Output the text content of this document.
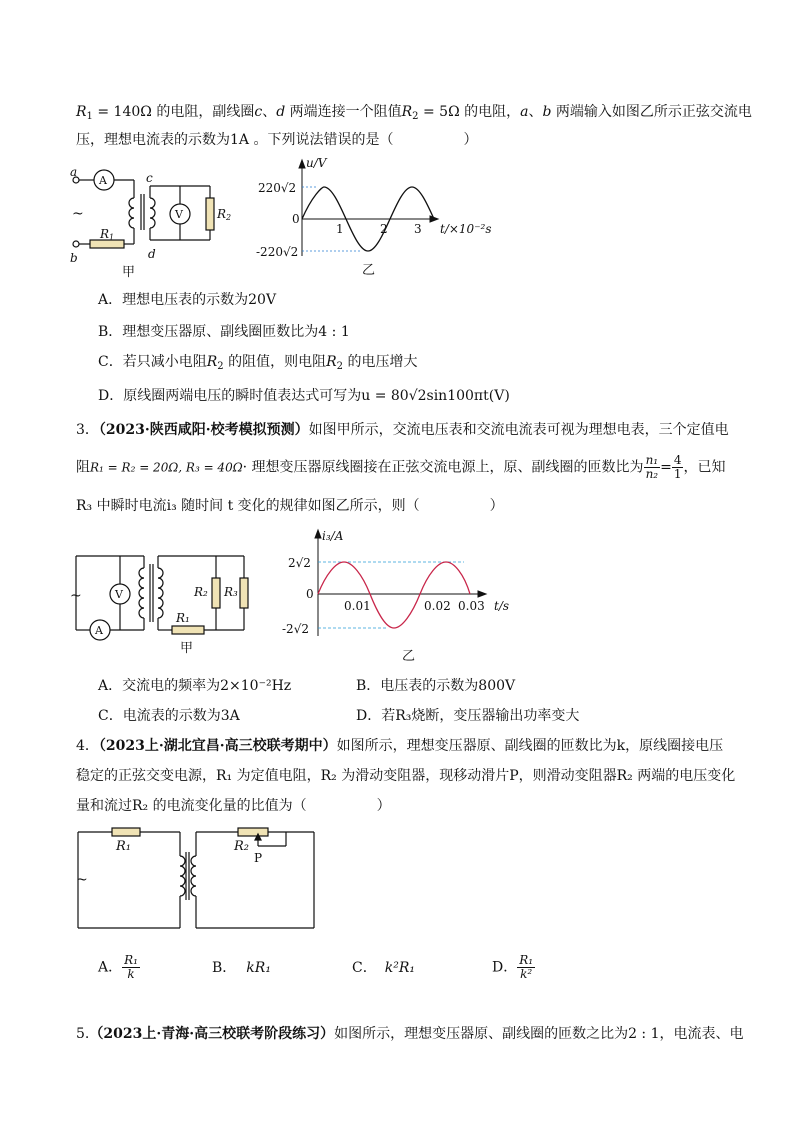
$R_1 = 140\Omega$ 的电阻，副线圈c、d 两端连接一个阻值$R_2 = 5\Omega$ 的电阻，a、b 两端输入如图乙所示正弦交流电
压，理想电流表的示数为1A 。下列说法错误的是（　　　　　）
a
b
~
A
V
c
d
R1
R2
甲
u/V
220√2
-220√2
0
1	2 3 t/×10⁻²s
乙
A．理想电压表的示数为20V
B．理想变压器原、副线圈匝数比为4 : 1
C．若只减小电阻$R_2$ 的阻值，则电阻$R_2$ 的电压增大
D．原线圈两端电压的瞬时值表达式可写为u = 80√2sin100πt(V)
3．（2023·陕西咸阳·校考模拟预测）如图甲所示，交流电压表和交流电流表可视为理想电表，三个定值电
阻R₁ = R₂ = 20Ω, R₃ = 40Ω· 理想变压器原线圈接在正弦交流电源上，原、副线圈的匝数比为 $\frac{\text{n₁}}{\text{n₂}} = \frac{4}{1}$ ，已知
R₃ 中瞬时电流i₃ 随时间 t 变化的规律如图乙所示，则（　　　　　）
~	V
A
R₁
R₂ R₃
甲
i₃/A
2√2
-2√2
0
0.01	0.02 0.03 t/s
乙
A．交流电的频率为2×10⁻²Hz	B．电压表的示数为800V
C．电流表的示数为3A	D．若R₃烧断，变压器输出功率变大
4．（2023上·湖北宜昌·高三校联考期中）如图所示，理想变压器原、副线圈的匝数比为k，原线圈接电压
稳定的正弦交变电源，R₁ 为定值电阻，R₂ 为滑动变阻器，现移动滑片P，则滑动变阻器R₂ 两端的电压变化
量和流过R₂ 的电流变化量的比值为（　　　　　）
~
R₁	R₂
P
A． $\frac{\text{R₁}}{k}$	B． kR₁	C． k²R₁	D． $\frac{\text{R₁}}{\text{k²}}$
5.（2023上·青海·高三校联考阶段练习）如图所示，理想变压器原、副线圈的匝数之比为2 : 1，电流表、电
